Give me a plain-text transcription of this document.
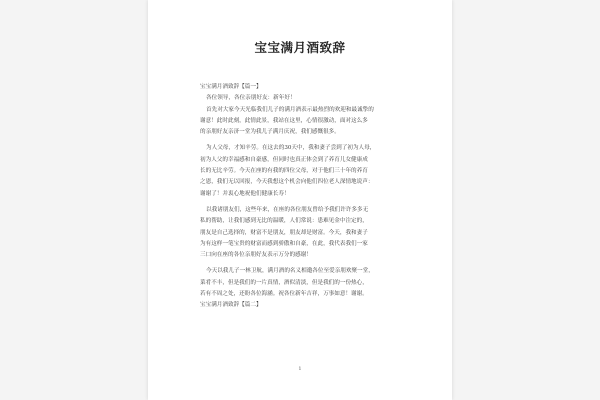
宝宝满月酒致辞
宝宝满月酒致辞【篇一】
各位领导，各位亲朋好友：新年好！
首先对大家今天光临我们儿子的满月酒表示最热烈的欢迎和最诚挚的
谢意！此时此刻，此情此景，我站在这里，心情很激动，面对这么多
的亲朋好友亲济一堂为我儿子满月庆祝，我们感慨很多。
为人父母，才知辛劳。在这去的30天中，我和妻子尝到了初为人母，
初为人父的幸福感和自豪感，但同时也真正体会到了养育儿女健康成
长的无比辛劳。今天在座的有我的四位父母，对于他们三十年的养育
之恩，我们无以回报，今天我想这个机会向他们四位老人深情地说声：
谢谢了！并衷心地祝他们健康长寿！
以我诸朋友们，这些年来，在座的各位朋友曾给予我们许许多多无
私的帮助，让我们感到无比的温暖，人们常说：患难见金中注定的，
朋友是自己选择的，财富不是朋友，朋友却是财富。今天，我和妻子
为有这样一笔宝贵的财富而感到骄傲和自豪，在此，我代表我们一家
三口向在座的各位亲朋好友表示万分的感谢！
今天以我儿子一林卫航，满月酒的名义相邀各位至爱亲朋欢聚一堂，
菜肴不丰，但是我们的一片真情，酒似清淡，但是我们的一份热心，
若有不周之处，还盼各位海涵。祝各位新年吉祥，万事如意！谢谢。
宝宝满月酒致辞【篇二】
1
